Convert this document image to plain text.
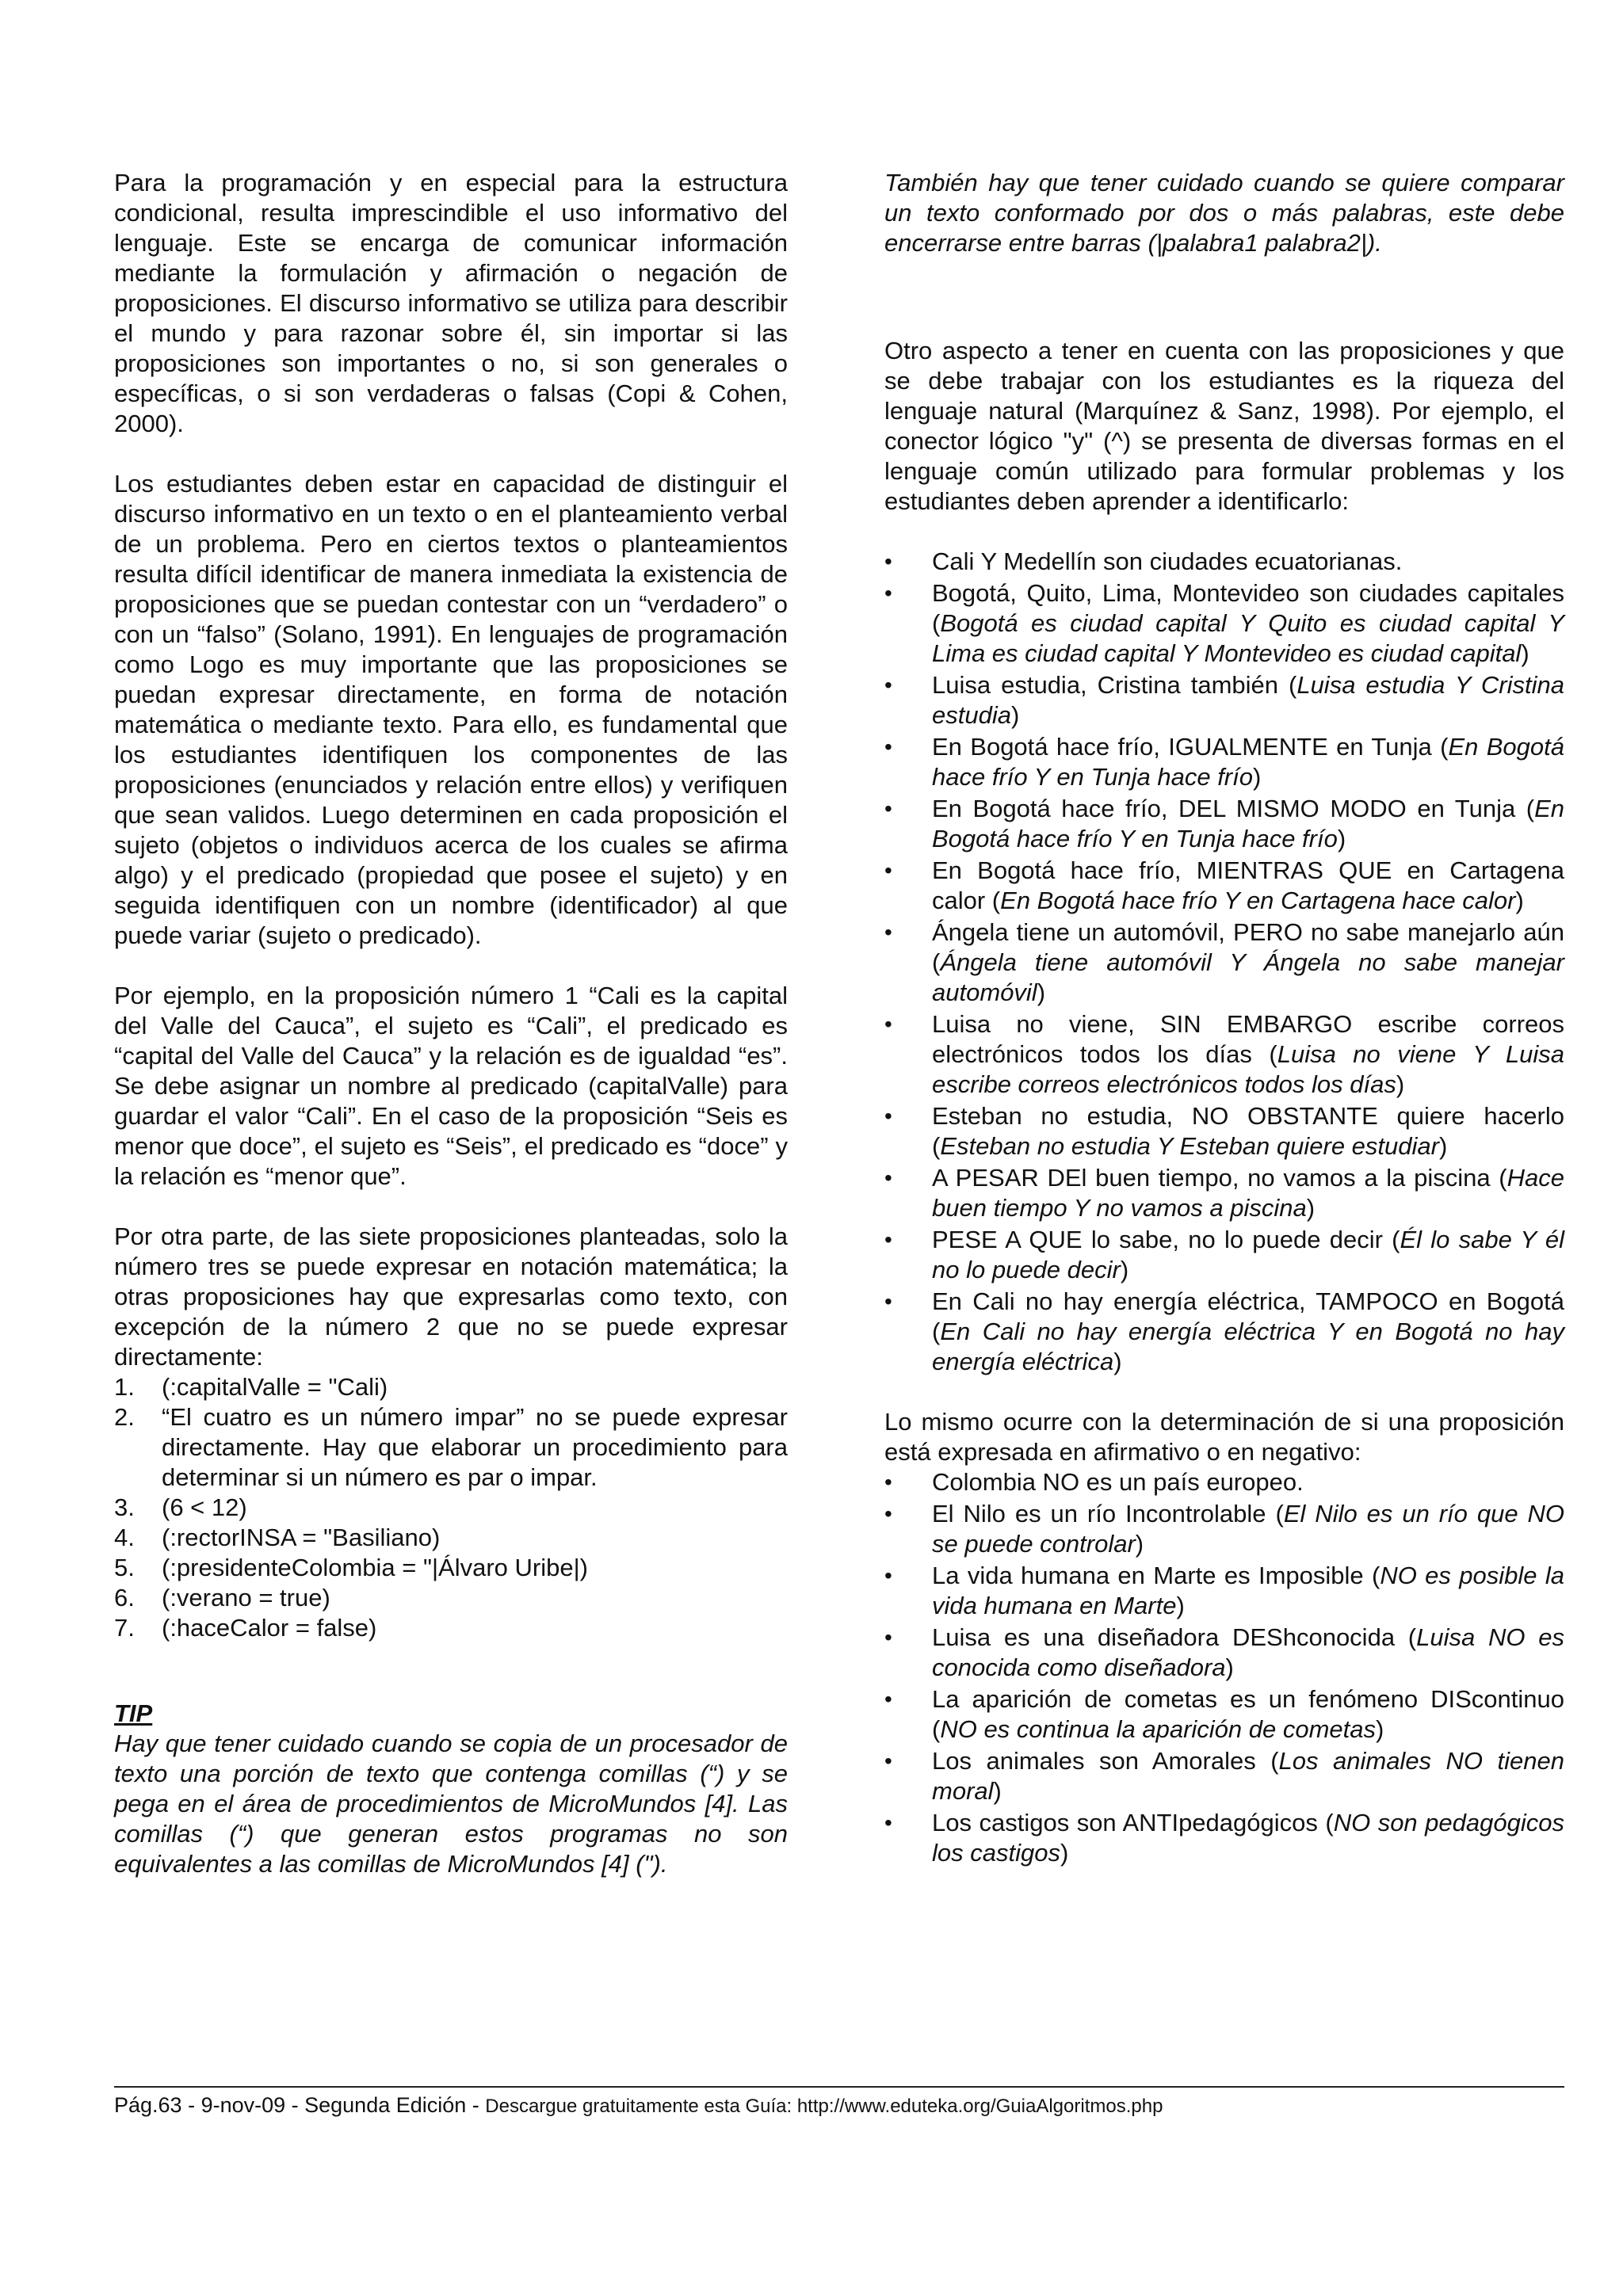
Para la programación y en especial para la estructura condicional, resulta imprescindible el uso informativo del lenguaje. Este se encarga de comunicar información mediante la formulación y afirmación o negación de proposiciones. El discurso informativo se utiliza para describir el mundo y para razonar sobre él, sin importar si las proposiciones son importantes o no, si son generales o específicas, o si son verdaderas o falsas (Copi & Cohen, 2000).

Los estudiantes deben estar en capacidad de distinguir el discurso informativo en un texto o en el planteamiento verbal de un problema. Pero en ciertos textos o planteamientos resulta difícil identificar de manera inmediata la existencia de proposiciones que se puedan contestar con un “verdadero” o con un “falso” (Solano, 1991). En lenguajes de programación como Logo es muy importante que las proposiciones se puedan expresar directamente, en forma de notación matemática o mediante texto. Para ello, es fundamental que los estudiantes identifiquen los componentes de las proposiciones (enunciados y relación entre ellos) y verifiquen que sean validos. Luego determinen en cada proposición el sujeto (objetos o individuos acerca de los cuales se afirma algo) y el predicado (propiedad que posee el sujeto) y en seguida identifiquen con un nombre (identificador) al que puede variar (sujeto o predicado).

Por ejemplo, en la proposición número 1 “Cali es la capital del Valle del Cauca”, el sujeto es “Cali”, el predicado es “capital del Valle del Cauca” y la relación es de igualdad “es”. Se debe asignar un nombre al predicado (capitalValle) para guardar el valor “Cali”. En el caso de la proposición “Seis es menor que doce”, el sujeto es “Seis”, el predicado es “doce” y la relación es “menor que”.

Por otra parte, de las siete proposiciones planteadas, solo la número tres se puede expresar en notación matemática; la otras proposiciones hay que expresarlas como texto, con excepción de la número 2 que no se puede expresar directamente:

1.	(:capitalValle = "Cali)
2.	“El cuatro es un número impar” no se puede expresar directamente. Hay que elaborar un procedimiento para determinar si un número es par o impar.
3.	(6 < 12)
4.	(:rectorINSA = "Basiliano)
5.	(:presidenteColombia = "|Álvaro Uribe|)
6.	(:verano = true)
7.	(:haceCalor = false)
TIP
Hay que tener cuidado cuando se copia de un procesador de texto una porción de texto que contenga comillas (“) y se pega en el área de procedimientos de MicroMundos [4]. Las comillas (“) que generan estos programas no son equivalentes a las comillas de MicroMundos [4] (").

También hay que tener cuidado cuando se quiere comparar un texto conformado por dos o más palabras, este debe encerrarse entre barras (|palabra1 palabra2|).

Otro aspecto a tener en cuenta con las proposiciones y que se debe trabajar con los estudiantes es la riqueza del lenguaje natural (Marquínez & Sanz, 1998). Por ejemplo, el conector lógico "y" (^) se presenta de diversas formas en el lenguaje común utilizado para formular problemas y los estudiantes deben aprender a identificarlo:

•	Cali Y Medellín son ciudades ecuatorianas.
•	Bogotá, Quito, Lima, Montevideo son ciudades capitales (Bogotá es ciudad capital Y Quito es ciudad capital Y Lima es ciudad capital Y Montevideo es ciudad capital)
•	Luisa estudia, Cristina también (Luisa estudia Y Cristina estudia)
•	En Bogotá hace frío, IGUALMENTE en Tunja (En Bogotá hace frío Y en Tunja hace frío)
•	En Bogotá hace frío, DEL MISMO MODO en Tunja (En Bogotá hace frío Y en Tunja hace frío)
•	En Bogotá hace frío, MIENTRAS QUE en Cartagena calor (En Bogotá hace frío Y en Cartagena hace calor)
•	Ángela tiene un automóvil, PERO no sabe manejarlo aún (Ángela tiene automóvil Y Ángela no sabe manejar automóvil)
•	Luisa no viene, SIN EMBARGO escribe correos electrónicos todos los días (Luisa no viene Y Luisa escribe correos electrónicos todos los días)
•	Esteban no estudia, NO OBSTANTE quiere hacerlo (Esteban no estudia Y Esteban quiere estudiar)
•	A PESAR DEl buen tiempo, no vamos a la piscina (Hace buen tiempo Y no vamos a piscina)
•	PESE A QUE lo sabe, no lo puede decir (Él lo sabe Y él no lo puede decir)
•	En Cali no hay energía eléctrica, TAMPOCO en Bogotá (En Cali no hay energía eléctrica Y en Bogotá no hay energía eléctrica)

Lo mismo ocurre con la determinación de si una proposición está expresada en afirmativo o en negativo:

•	Colombia NO es un país europeo.
•	El Nilo es un río Incontrolable (El Nilo es un río que NO se puede controlar)
•	La vida humana en Marte es Imposible (NO es posible la vida humana en Marte)
•	Luisa es una diseñadora DEShconocida (Luisa NO es conocida como diseñadora)
•	La aparición de cometas es un fenómeno DIScontinuo (NO es continua la aparición de cometas)
•	Los animales son Amorales (Los animales NO tienen moral)
•	Los castigos son ANTIpedagógicos (NO son pedagógicos los castigos)
Pág.63 - 9-nov-09 - Segunda Edición - Descargue gratuitamente esta Guía: http://www.eduteka.org/GuiaAlgoritmos.php
